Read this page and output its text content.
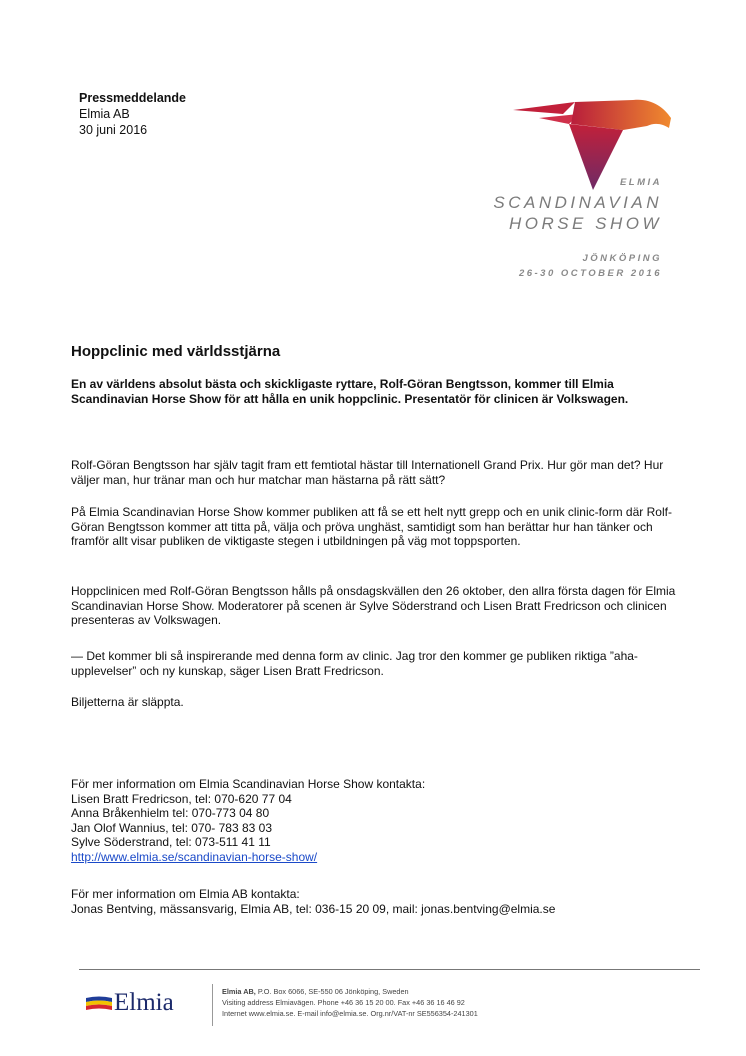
Pressmeddelande
Elmia AB
30 juni 2016
ELMIA
SCANDINAVIAN
HORSE SHOW
JÖNKÖPING
26-30 OCTOBER 2016
Hoppclinic med världsstjärna
En av världens absolut bästa och skickligaste ryttare, Rolf-Göran Bengtsson, kommer till Elmia Scandinavian Horse Show för att hålla en unik hoppclinic. Presentatör för clinicen är Volkswagen.
Rolf-Göran Bengtsson har själv tagit fram ett femtiotal hästar till Internationell Grand Prix. Hur gör man det? Hur väljer man, hur tränar man och hur matchar man hästarna på rätt sätt?
På Elmia Scandinavian Horse Show kommer publiken att få se ett helt nytt grepp och en unik clinic-form där Rolf-Göran Bengtsson kommer att titta på, välja och pröva unghäst, samtidigt som han berättar hur han tänker och framför allt visar publiken de viktigaste stegen i utbildningen på väg mot toppsporten.
Hoppclinicen med Rolf-Göran Bengtsson hålls på onsdagskvällen den 26 oktober, den allra första dagen för Elmia Scandinavian Horse Show. Moderatorer på scenen är Sylve Söderstrand och Lisen Bratt Fredricson och clinicen presenteras av Volkswagen.
— Det kommer bli så inspirerande med denna form av clinic. Jag tror den kommer ge publiken riktiga ”aha-upplevelser” och ny kunskap, säger Lisen Bratt Fredricson.
Biljetterna är släppta.
För mer information om Elmia Scandinavian Horse Show kontakta:
Lisen Bratt Fredricson, tel: 070-620 77 04
Anna Bråkenhielm tel: 070-773 04 80
Jan Olof Wannius, tel: 070- 783 83 03
Sylve Söderstrand, tel: 073-511 41 11
http://www.elmia.se/scandinavian-horse-show/
För mer information om Elmia AB kontakta:
Jonas Bentving, mässansvarig, Elmia AB, tel: 036-15 20 09, mail: jonas.bentving@elmia.se
Elmia	Elmia AB, P.O. Box 6066, SE-550 06 Jönköping, Sweden
Visiting address Elmiavägen. Phone +46 36 15 20 00. Fax +46 36 16 46 92
Internet www.elmia.se. E-mail info@elmia.se. Org.nr/VAT-nr SE556354-241301
